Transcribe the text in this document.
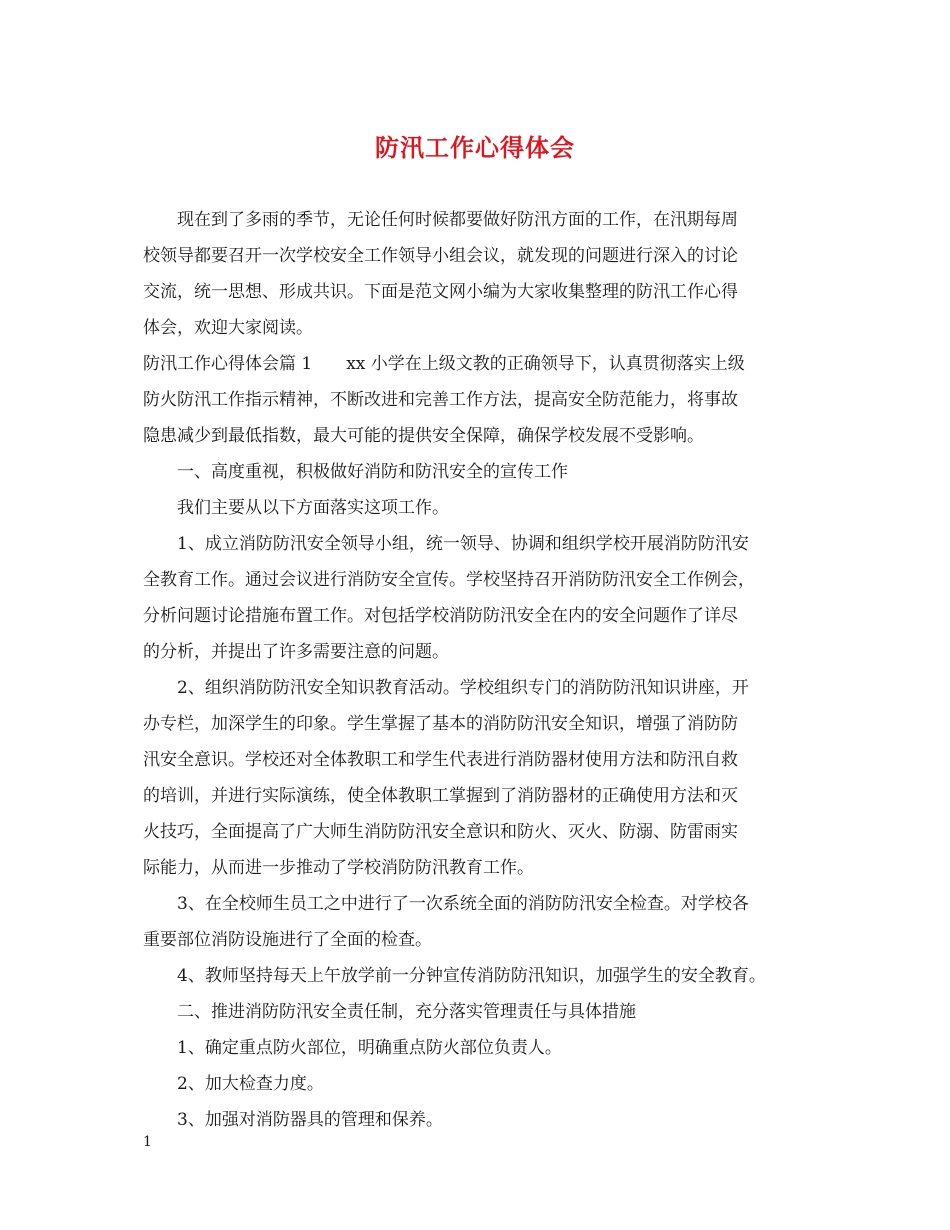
防汛工作心得体会
现在到了多雨的季节，无论任何时候都要做好防汛方面的工作，在汛期每周
校领导都要召开一次学校安全工作领导小组会议，就发现的问题进行深入的讨论
交流，统一思想、形成共识。下面是范文网小编为大家收集整理的防汛工作心得
体会，欢迎大家阅读。
防汛工作心得体会篇 1　　xx 小学在上级文教的正确领导下，认真贯彻落实上级
防火防汛工作指示精神，不断改进和完善工作方法，提高安全防范能力，将事故
隐患减少到最低指数，最大可能的提供安全保障，确保学校发展不受影响。
一、高度重视，积极做好消防和防汛安全的宣传工作
我们主要从以下方面落实这项工作。
1、成立消防防汛安全领导小组，统一领导、协调和组织学校开展消防防汛安
全教育工作。通过会议进行消防安全宣传。学校坚持召开消防防汛安全工作例会，
分析问题讨论措施布置工作。对包括学校消防防汛安全在内的安全问题作了详尽
的分析，并提出了许多需要注意的问题。
2、组织消防防汛安全知识教育活动。学校组织专门的消防防汛知识讲座，开
办专栏，加深学生的印象。学生掌握了基本的消防防汛安全知识，增强了消防防
汛安全意识。学校还对全体教职工和学生代表进行消防器材使用方法和防汛自救
的培训，并进行实际演练，使全体教职工掌握到了消防器材的正确使用方法和灭
火技巧，全面提高了广大师生消防防汛安全意识和防火、灭火、防溺、防雷雨实
际能力，从而进一步推动了学校消防防汛教育工作。
3、在全校师生员工之中进行了一次系统全面的消防防汛安全检查。对学校各
重要部位消防设施进行了全面的检查。
4、教师坚持每天上午放学前一分钟宣传消防防汛知识，加强学生的安全教育。
二、推进消防防汛安全责任制，充分落实管理责任与具体措施
1、确定重点防火部位，明确重点防火部位负责人。
2、加大检查力度。
3、加强对消防器具的管理和保养。
1
